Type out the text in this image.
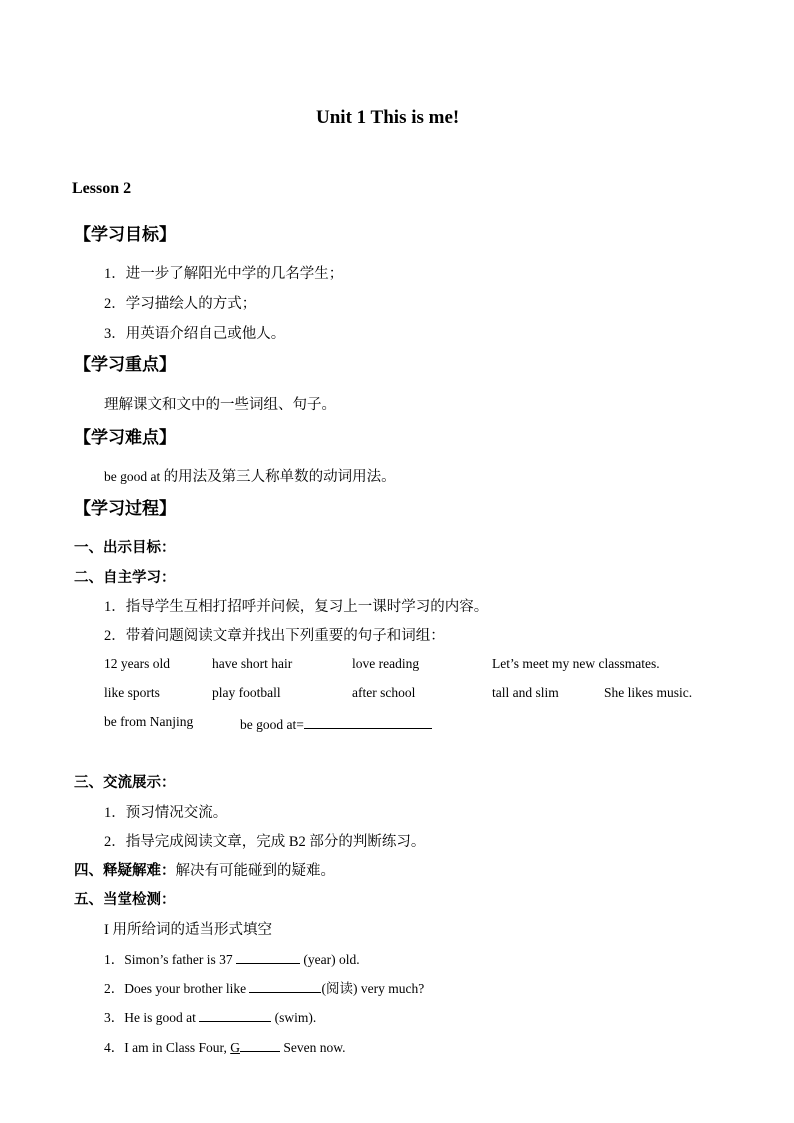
Unit 1 This is me!
Lesson 2
【学习目标】
1．进一步了解阳光中学的几名学生；
2．学习描绘人的方式；
3．用英语介绍自己或他人。
【学习重点】
理解课文和文中的一些词组、句子。
【学习难点】
be good at 的用法及第三人称单数的动词用法。
【学习过程】
一、出示目标：
二、自主学习：
1．指导学生互相打招呼并问候，复习上一课时学习的内容。
2．带着问题阅读文章并找出下列重要的句子和词组：
12 years old	have short hair	love reading	Let’s meet my new classmates.
like sports	play football	after school	tall and slim	She likes music.
be from Nanjing	be good at=
三、交流展示：
1．预习情况交流。
2．指导完成阅读文章，完成 B2 部分的判断练习。
四、释疑解难：解决有可能碰到的疑难。
五、当堂检测：
I 用所给词的适当形式填空
1．Simon’s father is 37	(year) old.
2．Does your brother like	(阅读) very much?
3．He is good at	(swim).
4．I am in Class Four, G	Seven now.
